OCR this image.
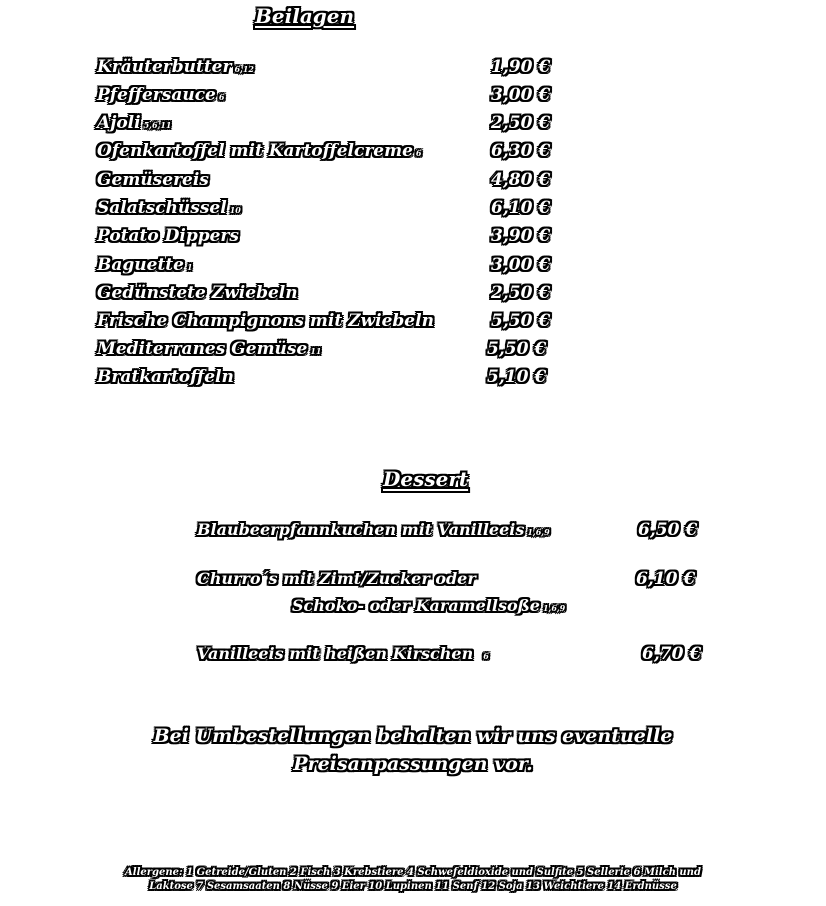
Beilagen
Kräuterbutter 6,12	1,90 €
Pfeffersauce 6	3,00 €
Ajoli 5,6,11	2,50 €
Ofenkartoffel mit Kartoffelcreme 6	6,30 €
Gemüsereis	4,80 €
Salatschüssel 10	6,10 €
Potato Dippers	3,90 €
Baguette 1	3,00 €
Gedünstete Zwiebeln	2,50 €
Frische Champignons mit Zwiebeln	5,50 €
Mediterranes Gemüse 11	5,50 €
Bratkartoffeln	5,10 €
Dessert
Blaubeerpfannkuchen mit Vanilleeis 1,6,9	6,50 €
Churro´s mit Zimt/Zucker oder
Schoko- oder Karamellsoße 1,6,9
6,10 €
Vanilleeis mit heißen Kirschen 6	6,70 €
Bei Umbestellungen behalten wir uns eventuelle
Preisanpassungen vor.
Allergene: 1 Getreide/Gluten 2 Fisch 3 Krebstiere 4 Schwefeldioxide und Sulfite 5 Sellerie 6 Milch und
Laktose 7 Sesamsaaten 8 Nüsse 9 Eier 10 Lupinen 11 Senf 12 Soja 13 Weichtiere 14 Erdnüsse
